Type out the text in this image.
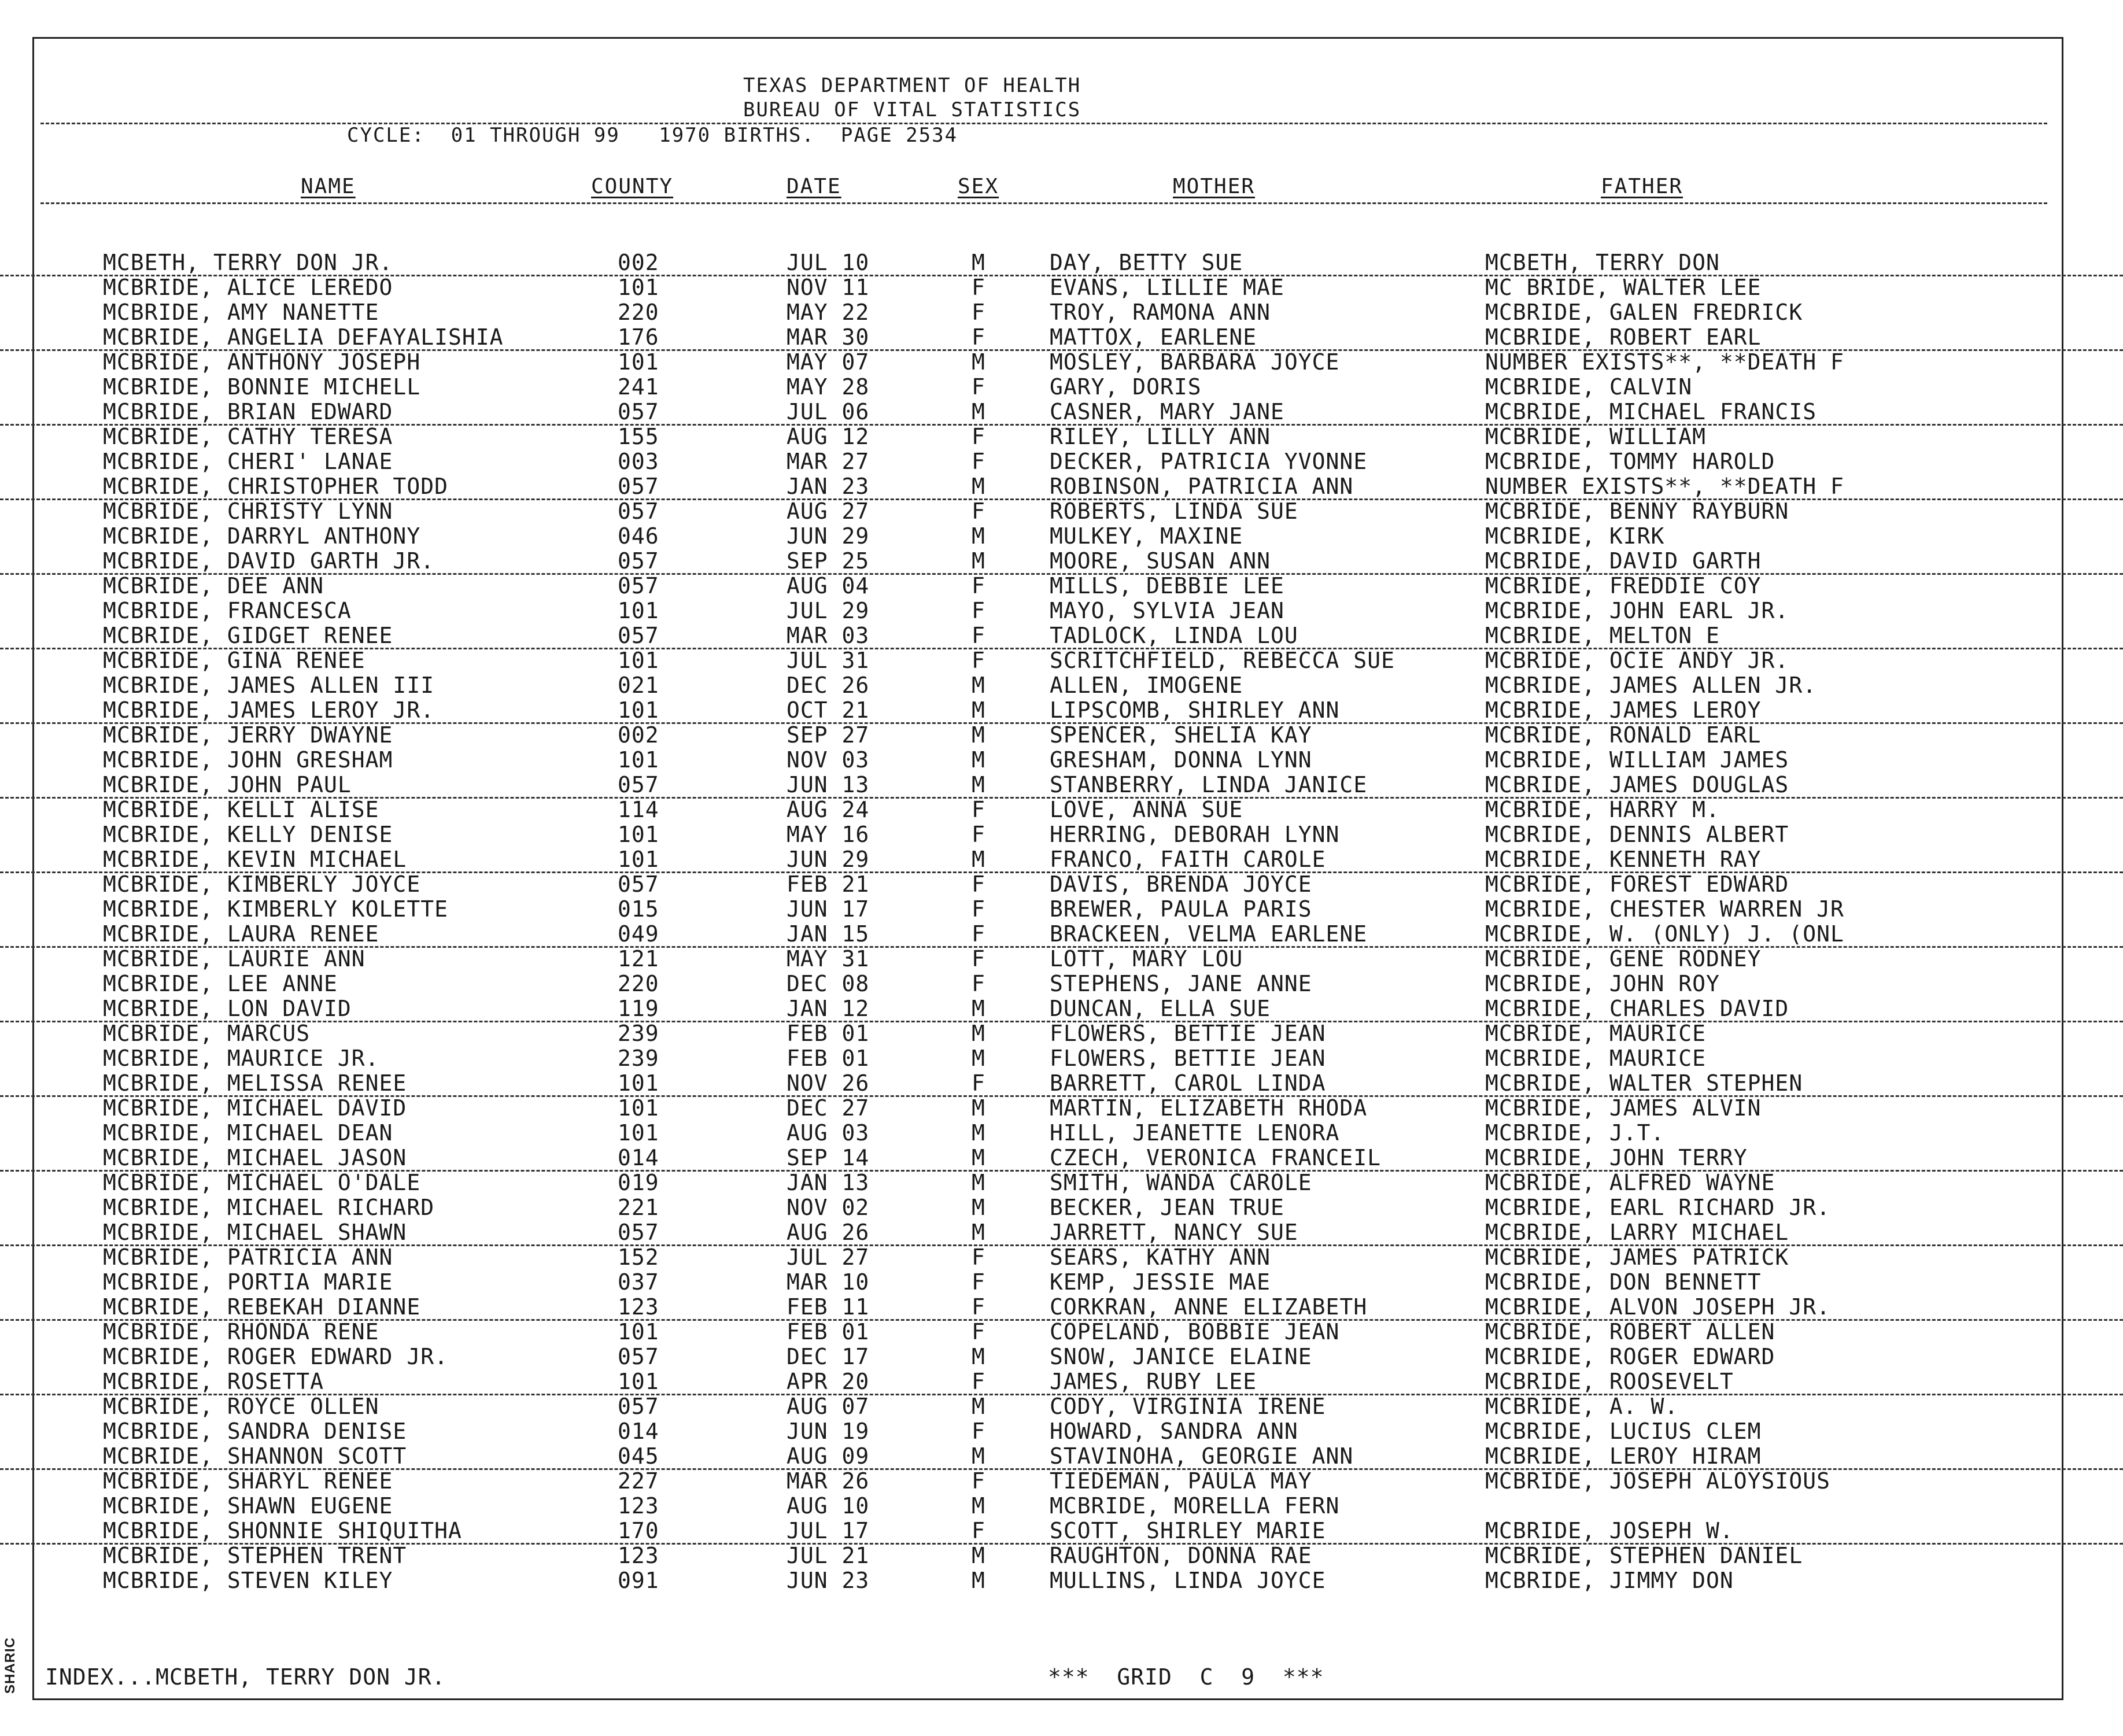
SHARIC
TEXAS DEPARTMENT OF HEALTH
BUREAU OF VITAL STATISTICS
CYCLE:  01 THROUGH 99   1970 BIRTHS.  PAGE 2534
NAME	COUNTY	DATE	SEX	MOTHER	FATHER
MCBETH, TERRY DON JR.	002	JUL 10	M	DAY, BETTY SUE	MCBETH, TERRY DON
MCBRIDE, ALICE LEREDO	101	NOV 11	F	EVANS, LILLIE MAE	MC BRIDE, WALTER LEE
MCBRIDE, AMY NANETTE	220	MAY 22	F	TROY, RAMONA ANN	MCBRIDE, GALEN FREDRICK
MCBRIDE, ANGELIA DEFAYALISHIA	176	MAR 30	F	MATTOX, EARLENE	MCBRIDE, ROBERT EARL
MCBRIDE, ANTHONY JOSEPH	101	MAY 07	M	MOSLEY, BARBARA JOYCE	NUMBER EXISTS**, **DEATH F
MCBRIDE, BONNIE MICHELL	241	MAY 28	F	GARY, DORIS	MCBRIDE, CALVIN
MCBRIDE, BRIAN EDWARD	057	JUL 06	M	CASNER, MARY JANE	MCBRIDE, MICHAEL FRANCIS
MCBRIDE, CATHY TERESA	155	AUG 12	F	RILEY, LILLY ANN	MCBRIDE, WILLIAM
MCBRIDE, CHERI' LANAE	003	MAR 27	F	DECKER, PATRICIA YVONNE	MCBRIDE, TOMMY HAROLD
MCBRIDE, CHRISTOPHER TODD	057	JAN 23	M	ROBINSON, PATRICIA ANN	NUMBER EXISTS**, **DEATH F
MCBRIDE, CHRISTY LYNN	057	AUG 27	F	ROBERTS, LINDA SUE	MCBRIDE, BENNY RAYBURN
MCBRIDE, DARRYL ANTHONY	046	JUN 29	M	MULKEY, MAXINE	MCBRIDE, KIRK
MCBRIDE, DAVID GARTH JR.	057	SEP 25	M	MOORE, SUSAN ANN	MCBRIDE, DAVID GARTH
MCBRIDE, DEE ANN	057	AUG 04	F	MILLS, DEBBIE LEE	MCBRIDE, FREDDIE COY
MCBRIDE, FRANCESCA	101	JUL 29	F	MAYO, SYLVIA JEAN	MCBRIDE, JOHN EARL JR.
MCBRIDE, GIDGET RENEE	057	MAR 03	F	TADLOCK, LINDA LOU	MCBRIDE, MELTON E
MCBRIDE, GINA RENEE	101	JUL 31	F	SCRITCHFIELD, REBECCA SUE	MCBRIDE, OCIE ANDY JR.
MCBRIDE, JAMES ALLEN III	021	DEC 26	M	ALLEN, IMOGENE	MCBRIDE, JAMES ALLEN JR.
MCBRIDE, JAMES LEROY JR.	101	OCT 21	M	LIPSCOMB, SHIRLEY ANN	MCBRIDE, JAMES LEROY
MCBRIDE, JERRY DWAYNE	002	SEP 27	M	SPENCER, SHELIA KAY	MCBRIDE, RONALD EARL
MCBRIDE, JOHN GRESHAM	101	NOV 03	M	GRESHAM, DONNA LYNN	MCBRIDE, WILLIAM JAMES
MCBRIDE, JOHN PAUL	057	JUN 13	M	STANBERRY, LINDA JANICE	MCBRIDE, JAMES DOUGLAS
MCBRIDE, KELLI ALISE	114	AUG 24	F	LOVE, ANNA SUE	MCBRIDE, HARRY M.
MCBRIDE, KELLY DENISE	101	MAY 16	F	HERRING, DEBORAH LYNN	MCBRIDE, DENNIS ALBERT
MCBRIDE, KEVIN MICHAEL	101	JUN 29	M	FRANCO, FAITH CAROLE	MCBRIDE, KENNETH RAY
MCBRIDE, KIMBERLY JOYCE	057	FEB 21	F	DAVIS, BRENDA JOYCE	MCBRIDE, FOREST EDWARD
MCBRIDE, KIMBERLY KOLETTE	015	JUN 17	F	BREWER, PAULA PARIS	MCBRIDE, CHESTER WARREN JR
MCBRIDE, LAURA RENEE	049	JAN 15	F	BRACKEEN, VELMA EARLENE	MCBRIDE, W. (ONLY) J. (ONL
MCBRIDE, LAURIE ANN	121	MAY 31	F	LOTT, MARY LOU	MCBRIDE, GENE RODNEY
MCBRIDE, LEE ANNE	220	DEC 08	F	STEPHENS, JANE ANNE	MCBRIDE, JOHN ROY
MCBRIDE, LON DAVID	119	JAN 12	M	DUNCAN, ELLA SUE	MCBRIDE, CHARLES DAVID
MCBRIDE, MARCUS	239	FEB 01	M	FLOWERS, BETTIE JEAN	MCBRIDE, MAURICE
MCBRIDE, MAURICE JR.	239	FEB 01	M	FLOWERS, BETTIE JEAN	MCBRIDE, MAURICE
MCBRIDE, MELISSA RENEE	101	NOV 26	F	BARRETT, CAROL LINDA	MCBRIDE, WALTER STEPHEN
MCBRIDE, MICHAEL DAVID	101	DEC 27	M	MARTIN, ELIZABETH RHODA	MCBRIDE, JAMES ALVIN
MCBRIDE, MICHAEL DEAN	101	AUG 03	M	HILL, JEANETTE LENORA	MCBRIDE, J.T.
MCBRIDE, MICHAEL JASON	014	SEP 14	M	CZECH, VERONICA FRANCEIL	MCBRIDE, JOHN TERRY
MCBRIDE, MICHAEL O'DALE	019	JAN 13	M	SMITH, WANDA CAROLE	MCBRIDE, ALFRED WAYNE
MCBRIDE, MICHAEL RICHARD	221	NOV 02	M	BECKER, JEAN TRUE	MCBRIDE, EARL RICHARD JR.
MCBRIDE, MICHAEL SHAWN	057	AUG 26	M	JARRETT, NANCY SUE	MCBRIDE, LARRY MICHAEL
MCBRIDE, PATRICIA ANN	152	JUL 27	F	SEARS, KATHY ANN	MCBRIDE, JAMES PATRICK
MCBRIDE, PORTIA MARIE	037	MAR 10	F	KEMP, JESSIE MAE	MCBRIDE, DON BENNETT
MCBRIDE, REBEKAH DIANNE	123	FEB 11	F	CORKRAN, ANNE ELIZABETH	MCBRIDE, ALVON JOSEPH JR.
MCBRIDE, RHONDA RENE	101	FEB 01	F	COPELAND, BOBBIE JEAN	MCBRIDE, ROBERT ALLEN
MCBRIDE, ROGER EDWARD JR.	057	DEC 17	M	SNOW, JANICE ELAINE	MCBRIDE, ROGER EDWARD
MCBRIDE, ROSETTA	101	APR 20	F	JAMES, RUBY LEE	MCBRIDE, ROOSEVELT
MCBRIDE, ROYCE OLLEN	057	AUG 07	M	CODY, VIRGINIA IRENE	MCBRIDE, A. W.
MCBRIDE, SANDRA DENISE	014	JUN 19	F	HOWARD, SANDRA ANN	MCBRIDE, LUCIUS CLEM
MCBRIDE, SHANNON SCOTT	045	AUG 09	M	STAVINOHA, GEORGIE ANN	MCBRIDE, LEROY HIRAM
MCBRIDE, SHARYL RENEE	227	MAR 26	F	TIEDEMAN, PAULA MAY	MCBRIDE, JOSEPH ALOYSIOUS
MCBRIDE, SHAWN EUGENE	123	AUG 10	M	MCBRIDE, MORELLA FERN
MCBRIDE, SHONNIE SHIQUITHA	170	JUL 17	F	SCOTT, SHIRLEY MARIE	MCBRIDE, JOSEPH W.
MCBRIDE, STEPHEN TRENT	123	JUL 21	M	RAUGHTON, DONNA RAE	MCBRIDE, STEPHEN DANIEL
MCBRIDE, STEVEN KILEY	091	JUN 23	M	MULLINS, LINDA JOYCE	MCBRIDE, JIMMY DON
INDEX...MCBETH, TERRY DON JR.	***  GRID  C  9  ***
